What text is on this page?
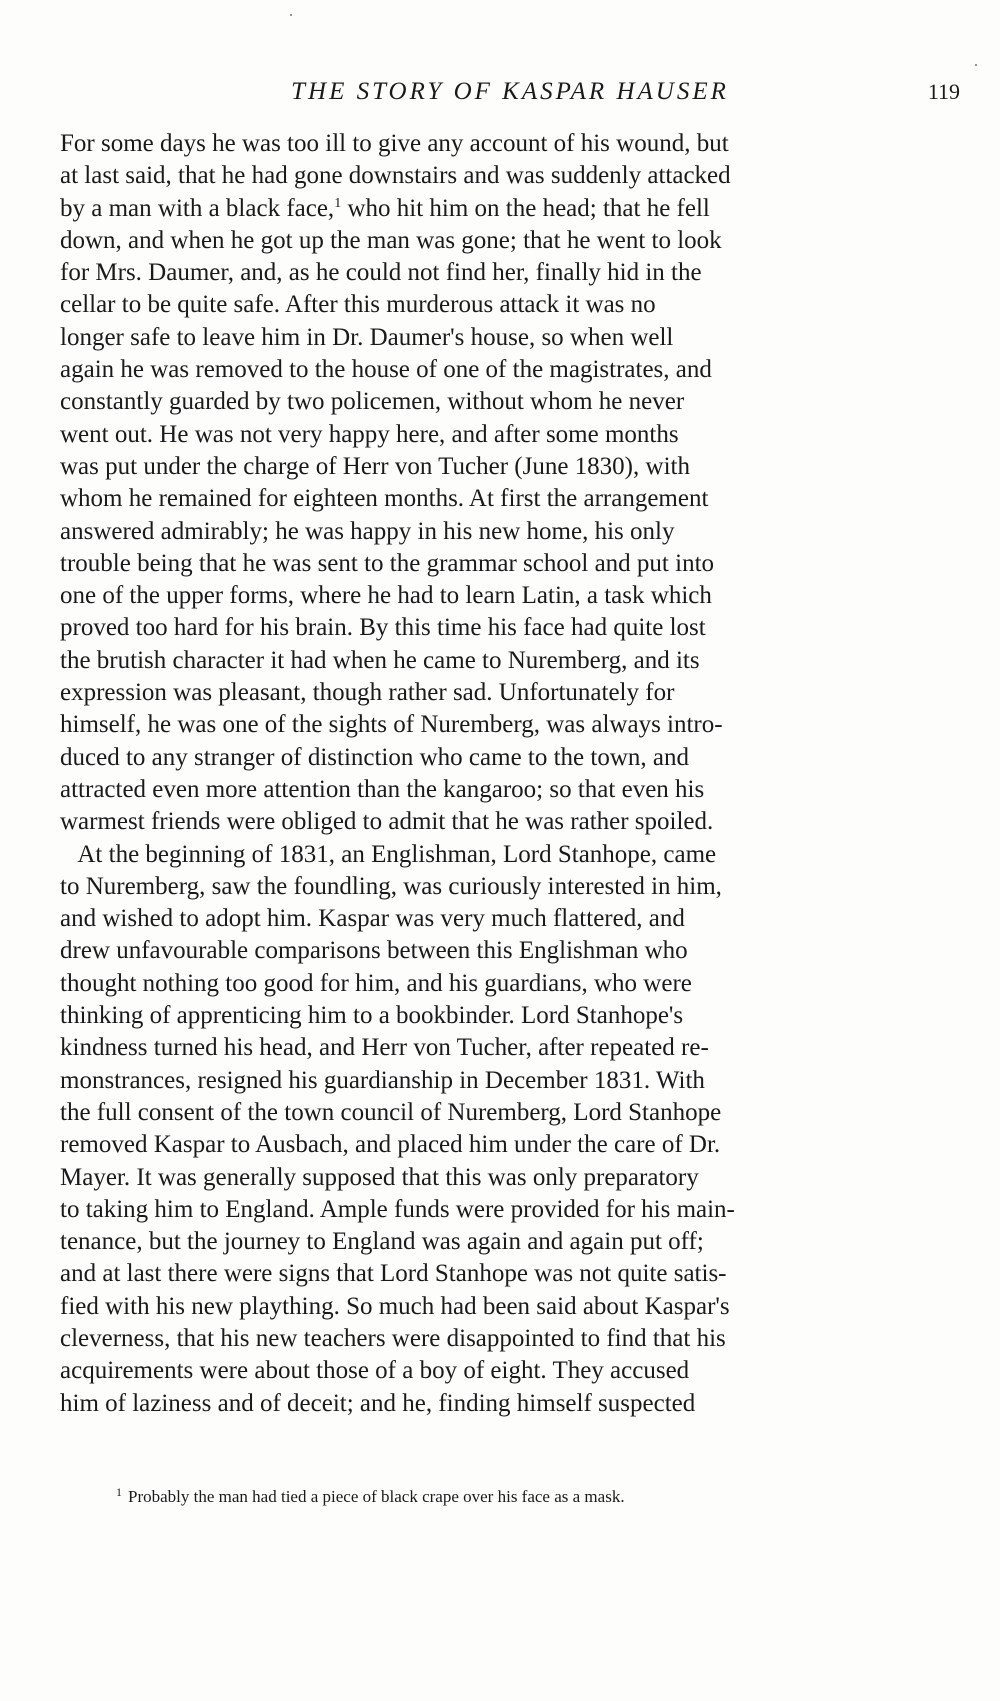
THE STORY OF KASPAR HAUSER	119
For some days he was too ill to give any account of his wound, but
at last said, that he had gone downstairs and was suddenly attacked
by a man with a black face,$^1$ who hit him on the head; that he fell
down, and when he got up the man was gone; that he went to look
for Mrs. Daumer, and, as he could not find her, finally hid in the
cellar to be quite safe. After this murderous attack it was no
longer safe to leave him in Dr. Daumer's house, so when well
again he was removed to the house of one of the magistrates, and
constantly guarded by two policemen, without whom he never
went out. He was not very happy here, and after some months
was put under the charge of Herr von Tucher (June 1830), with
whom he remained for eighteen months. At first the arrangement
answered admirably; he was happy in his new home, his only
trouble being that he was sent to the grammar school and put into
one of the upper forms, where he had to learn Latin, a task which
proved too hard for his brain. By this time his face had quite lost
the brutish character it had when he came to Nuremberg, and its
expression was pleasant, though rather sad. Unfortunately for
himself, he was one of the sights of Nuremberg, was always intro-
duced to any stranger of distinction who came to the town, and
attracted even more attention than the kangaroo; so that even his
warmest friends were obliged to admit that he was rather spoiled.
At the beginning of 1831, an Englishman, Lord Stanhope, came
to Nuremberg, saw the foundling, was curiously interested in him,
and wished to adopt him. Kaspar was very much flattered, and
drew unfavourable comparisons between this Englishman who
thought nothing too good for him, and his guardians, who were
thinking of apprenticing him to a bookbinder. Lord Stanhope's
kindness turned his head, and Herr von Tucher, after repeated re-
monstrances, resigned his guardianship in December 1831. With
the full consent of the town council of Nuremberg, Lord Stanhope
removed Kaspar to Ausbach, and placed him under the care of Dr.
Mayer. It was generally supposed that this was only preparatory
to taking him to England. Ample funds were provided for his main-
tenance, but the journey to England was again and again put off;
and at last there were signs that Lord Stanhope was not quite satis-
fied with his new plaything. So much had been said about Kaspar's
cleverness, that his new teachers were disappointed to find that his
acquirements were about those of a boy of eight. They accused
him of laziness and of deceit; and he, finding himself suspected
$^1$ Probably the man had tied a piece of black crape over his face as a mask.
